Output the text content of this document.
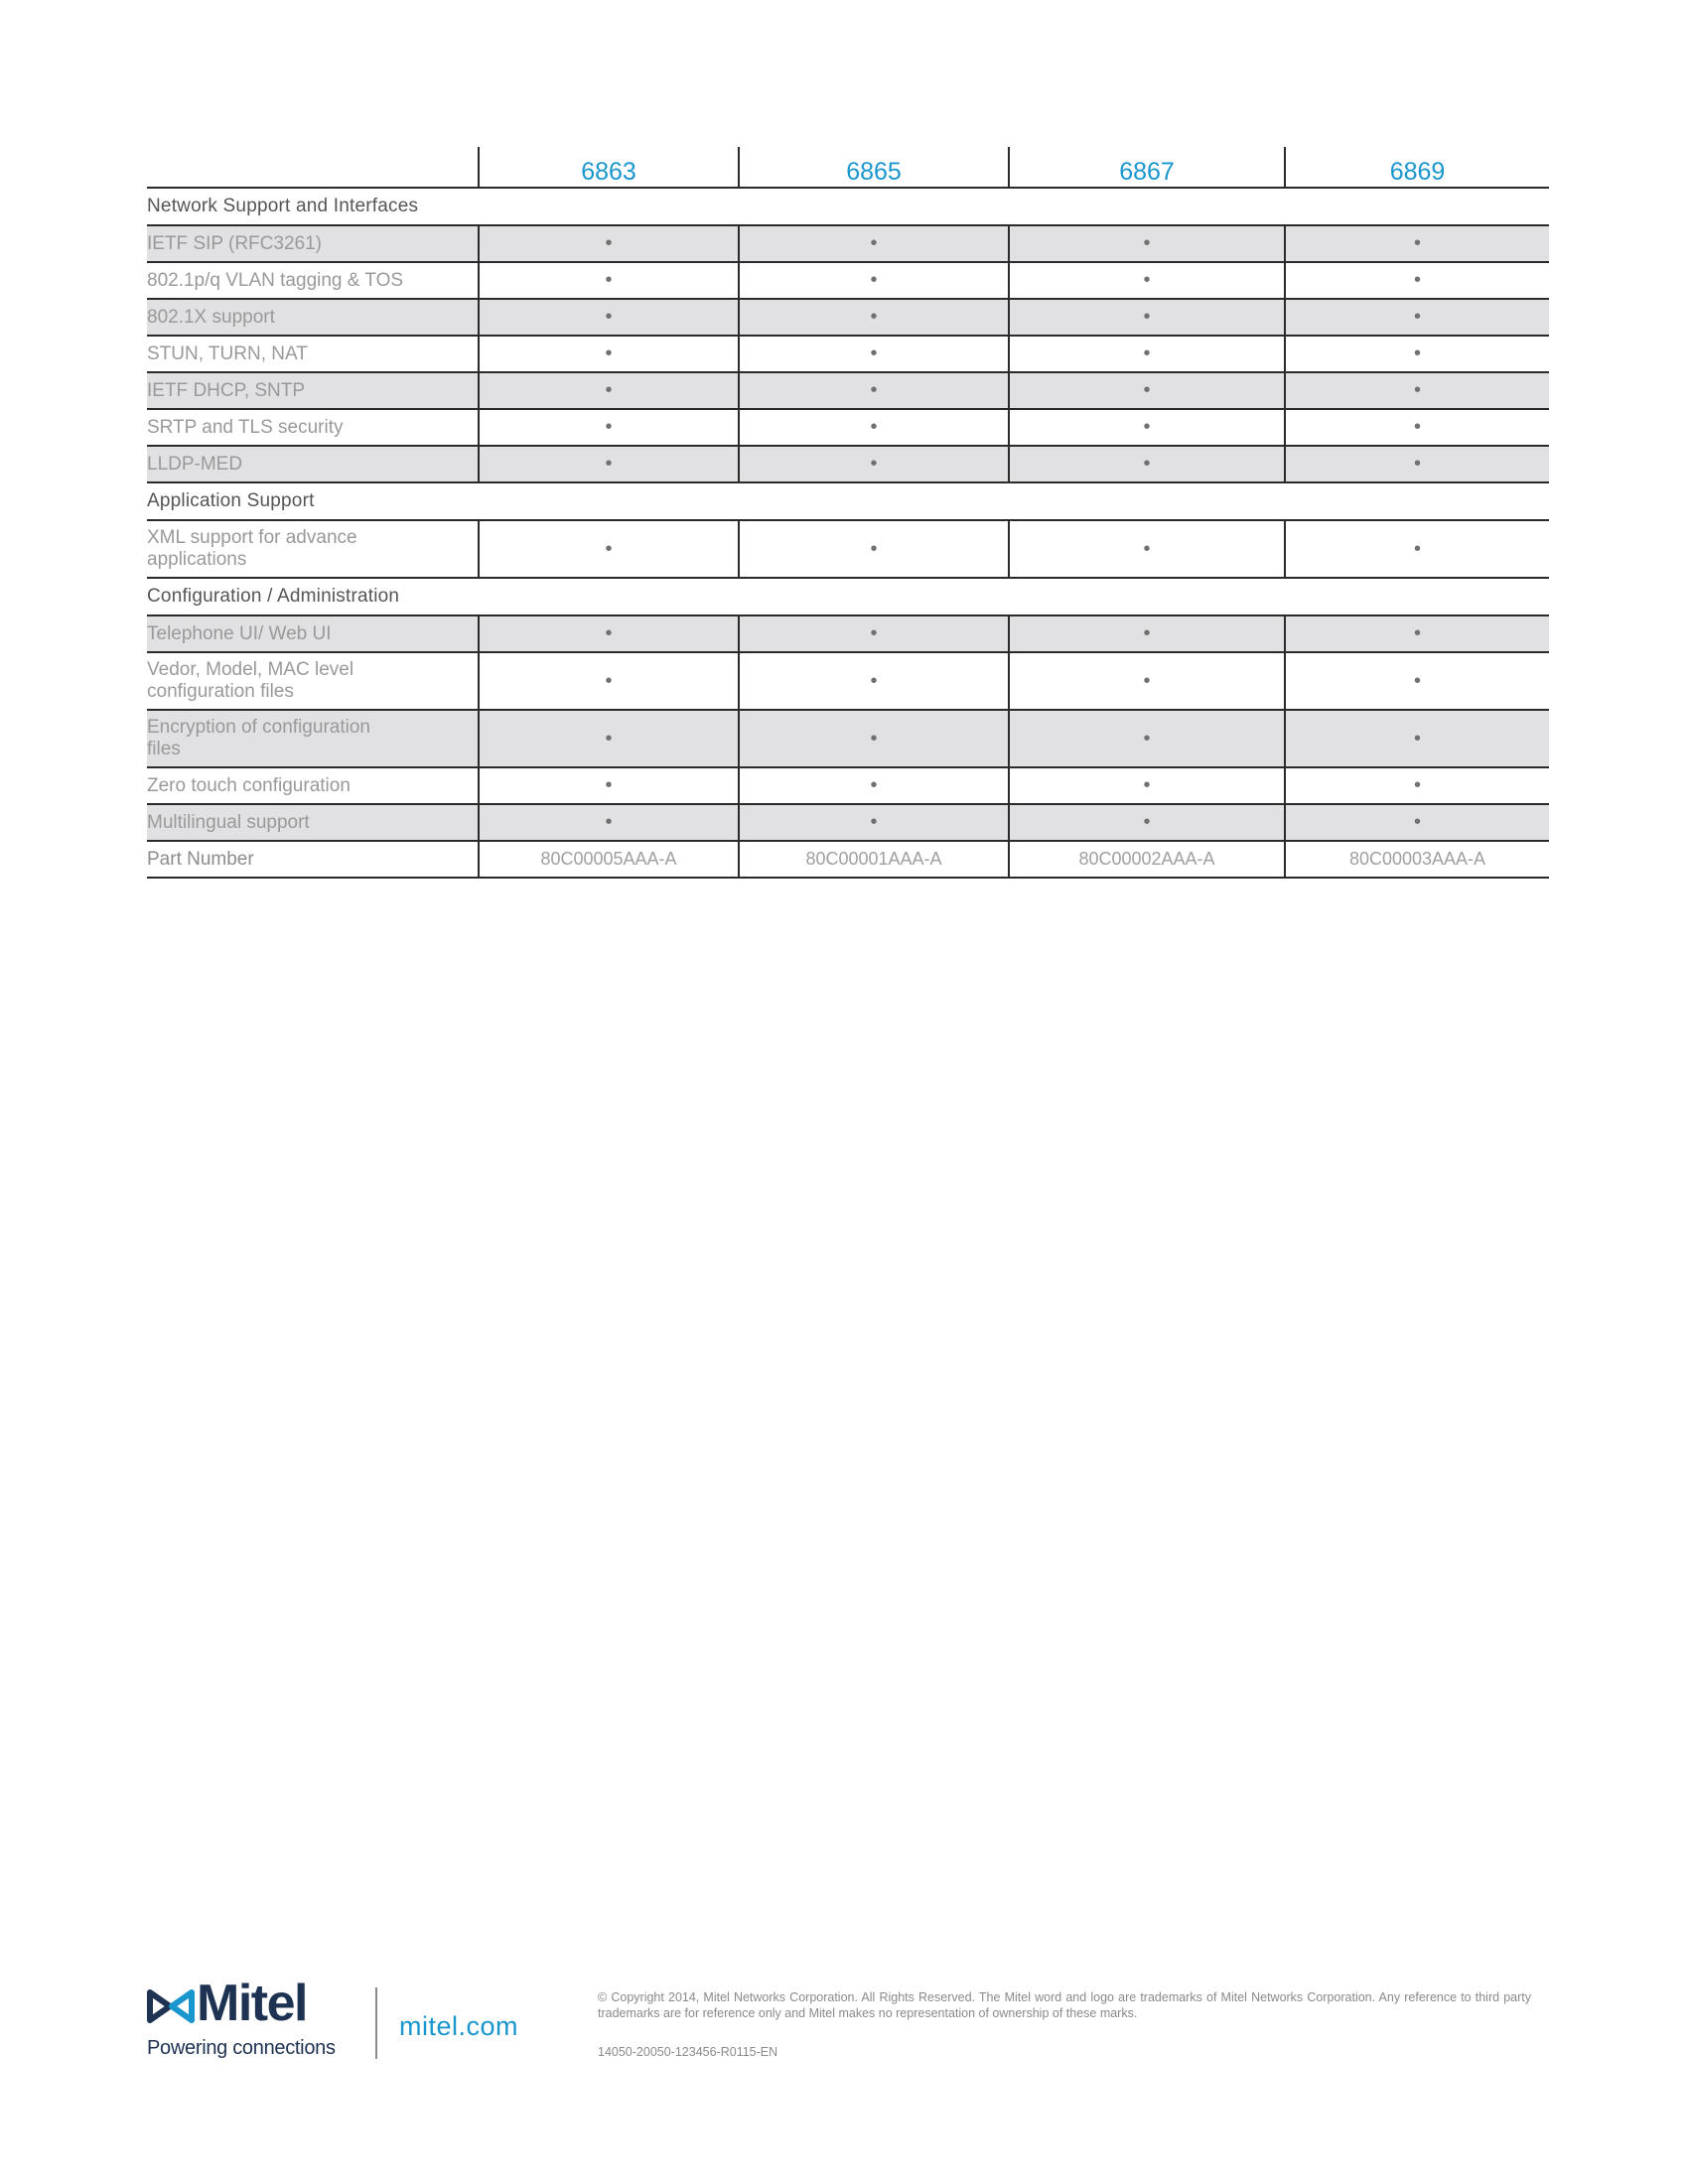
	6863	6865	6867	6869
Network Support and Interfaces				
IETF SIP (RFC3261)	•	•	•	•
802.1p/q VLAN tagging & TOS	•	•	•	•
802.1X support	•	•	•	•
STUN, TURN, NAT	•	•	•	•
IETF DHCP, SNTP	•	•	•	•
SRTP and TLS security	•	•	•	•
LLDP-MED	•	•	•	•
Application Support				
XML support for advance applications	•	•	•	•
Configuration / Administration				
Telephone UI/ Web UI	•	•	•	•
Vedor, Model, MAC level configuration files	•	•	•	•
Encryption of configuration files	•	•	•	•
Zero touch configuration	•	•	•	•
Multilingual support	•	•	•	•
Part Number	80C00005AAA-A	80C00001AAA-A	80C00002AAA-A	80C00003AAA-A
Mitel
Powering connections
mitel.com
© Copyright 2014, Mitel Networks Corporation. All Rights Reserved. The Mitel word and logo are trademarks of Mitel Networks Corporation. Any reference to third party trademarks are for reference only and Mitel makes no representation of ownership of these marks.
14050-20050-123456-R0115-EN
